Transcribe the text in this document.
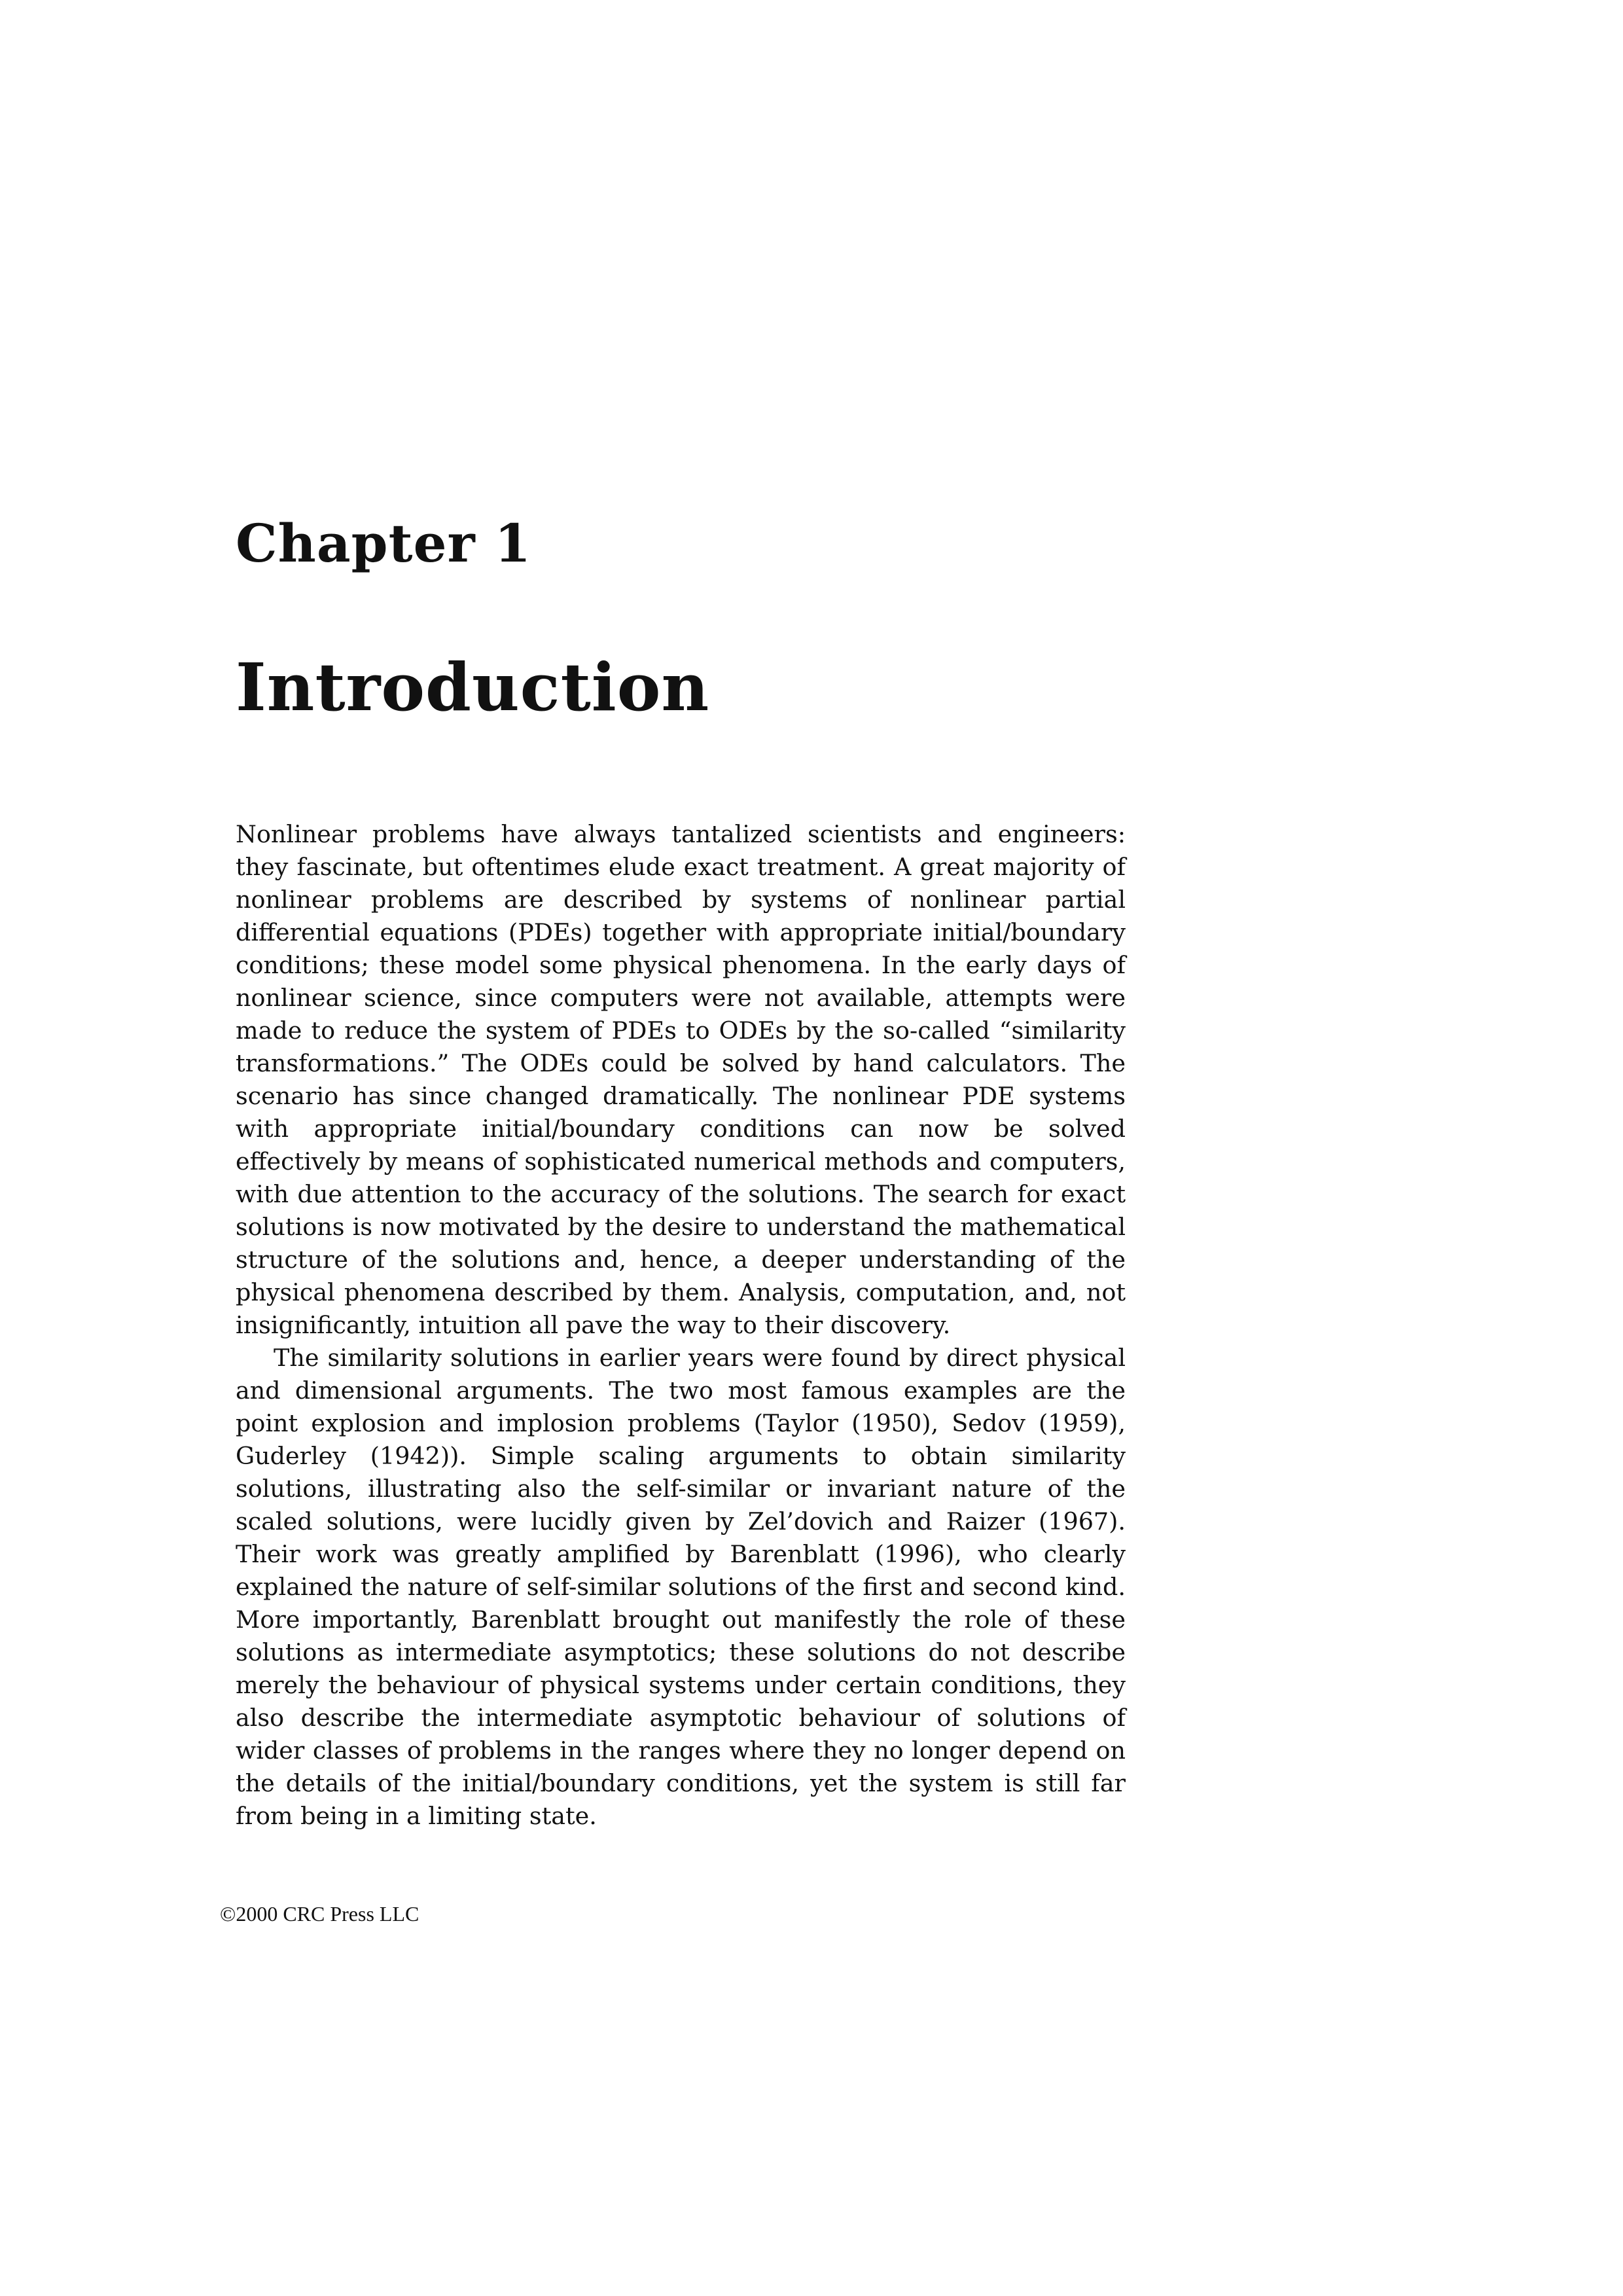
Chapter 1
Introduction

Nonlinear problems have always tantalized scientists and engineers: they fascinate, but oftentimes elude exact treatment. A great majority of nonlinear problems are described by systems of nonlinear partial differential equations (PDEs) together with appropriate initial/boundary conditions; these model some physical phenomena. In the early days of nonlinear science, since computers were not available, attempts were made to reduce the system of PDEs to ODEs by the so-called “similarity transformations.” The ODEs could be solved by hand calculators. The scenario has since changed dramatically. The nonlinear PDE systems with appropriate initial/boundary conditions can now be solved effectively by means of sophisticated numerical methods and computers, with due attention to the accuracy of the solutions. The search for exact solutions is now motivated by the desire to understand the mathematical structure of the solutions and, hence, a deeper understanding of the physical phenomena described by them. Analysis, computation, and, not insignificantly, intuition all pave the way to their discovery.

The similarity solutions in earlier years were found by direct physical and dimensional arguments. The two most famous examples are the point explosion and implosion problems (Taylor (1950), Sedov (1959), Guderley (1942)). Simple scaling arguments to obtain similarity solutions, illustrating also the self-similar or invariant nature of the scaled solutions, were lucidly given by Zel’dovich and Raizer (1967). Their work was greatly amplified by Barenblatt (1996), who clearly explained the nature of self-similar solutions of the first and second kind. More importantly, Barenblatt brought out manifestly the role of these solutions as intermediate asymptotics; these solutions do not describe merely the behaviour of physical systems under certain conditions, they also describe the intermediate asymptotic behaviour of solutions of wider classes of problems in the ranges where they no longer depend on the details of the initial/boundary conditions, yet the system is still far from being in a limiting state.

©2000 CRC Press LLC
